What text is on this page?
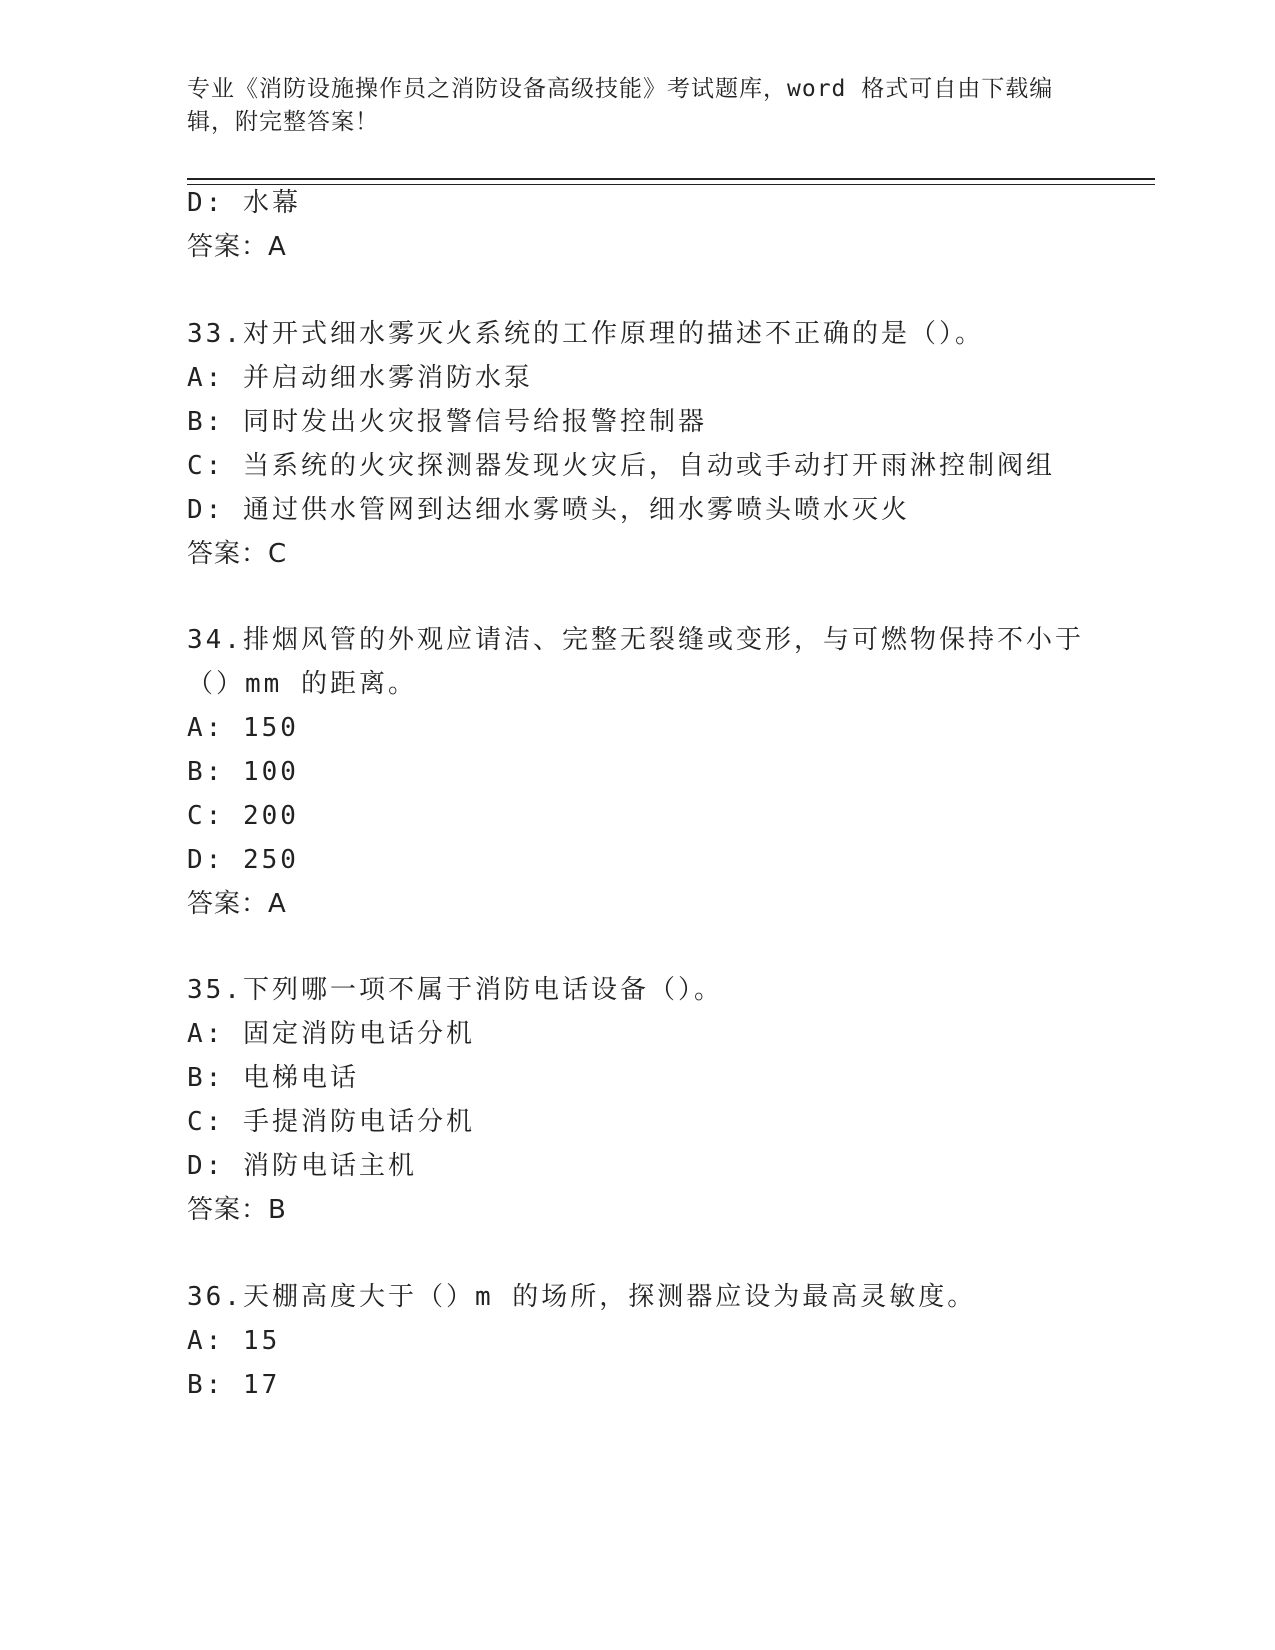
专业《消防设施操作员之消防设备高级技能》考试题库，word 格式可自由下载编
辑，附完整答案！

D: 水幕

答案：A

33.对开式细水雾灭火系统的工作原理的描述不正确的是（）。

A: 并启动细水雾消防水泵

B: 同时发出火灾报警信号给报警控制器

C: 当系统的火灾探测器发现火灾后，自动或手动打开雨淋控制阀组

D: 通过供水管网到达细水雾喷头，细水雾喷头喷水灭火

答案：C

34.排烟风管的外观应请洁、完整无裂缝或变形，与可燃物保持不小于

（）mm 的距离。

A: 150

B: 100

C: 200

D: 250

答案：A

35.下列哪一项不属于消防电话设备（）。

A: 固定消防电话分机

B: 电梯电话

C: 手提消防电话分机

D: 消防电话主机

答案：B

36.天棚高度大于（）m 的场所，探测器应设为最高灵敏度。

A: 15

B: 17
